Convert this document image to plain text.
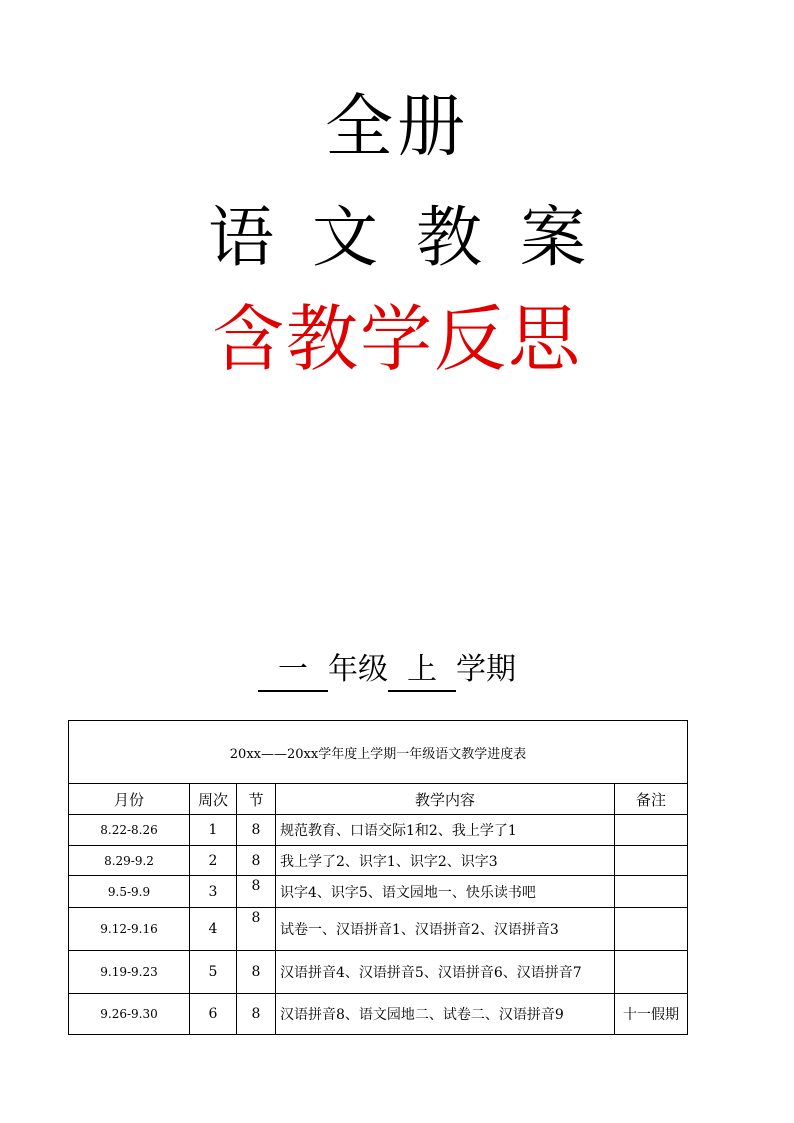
全册
语文教案
含教学反思
一 年级 上 学期
20xx——20xx学年度上学期一年级语文教学进度表				
月份	周次	节	教学内容	备注
8.22-8.26	1	8	规范教育、口语交际1和2、我上学了1	
8.29-9.2	2	8	我上学了2、识字1、识字2、识字3	
9.5-9.9	3	8	识字4、识字5、语文园地一、快乐读书吧	
9.12-9.16	4	8	试卷一、汉语拼音1、汉语拼音2、汉语拼音3	
9.19-9.23	5	8	汉语拼音4、汉语拼音5、汉语拼音6、汉语拼音7	
9.26-9.30	6	8	汉语拼音8、语文园地二、试卷二、汉语拼音9	十一假期
